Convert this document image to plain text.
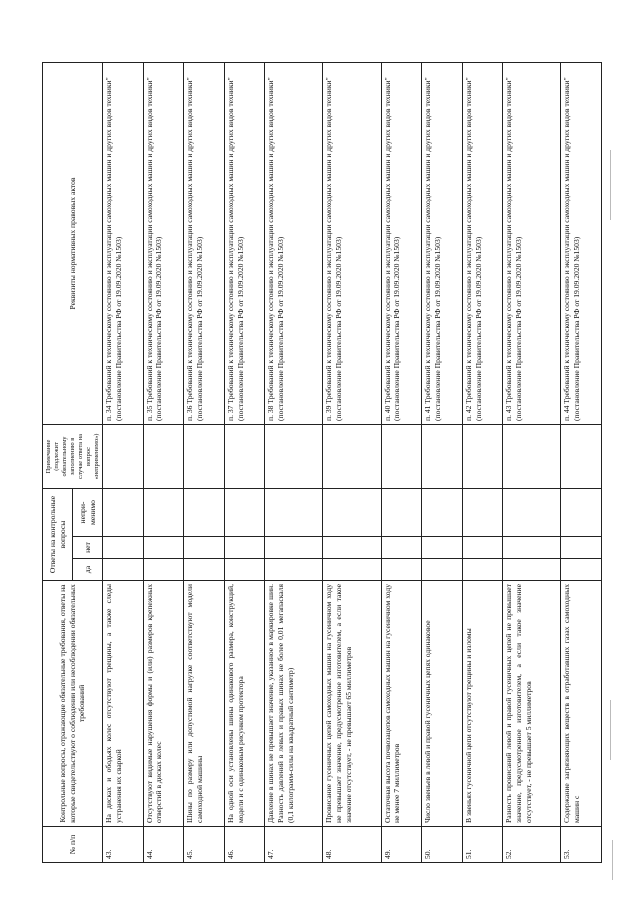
№ п/п	Контрольные вопросы, отражающие обязательные требования, ответы на которые свидетельствуют о соблюдении или несоблюдении обязательных требований	Ответы на контрольные вопросы			Примечание (подлежит обязательному заполнению в случае ответа на вопрос «неприменимо»)	Реквизиты нормативных правовых актов
		да	нет	непри-менимо		
43.	На дисках и ободьях колес отсутствуют трещины, а также следы устранения их сваркой					п. 34 Требований к техническому состоянию и эксплуатации самоходных машин и других видов техники" (постановление Правительства РФ от 19.09.2020 №1503)
44.	Отсутствуют видимые нарушения формы и (или) размеров крепежных отверстий в дисках колес					п. 35 Требований к техническому состоянию и эксплуатации самоходных машин и других видов техники" (постановление Правительства РФ от 19.09.2020 №1503)
45.	Шины по размеру или допустимой нагрузке соответствуют модели самоходной машины					п. 36 Требований к техническому состоянию и эксплуатации самоходных машин и других видов техники" (постановление Правительства РФ от 19.09.2020 №1503)
46.	На одной оси установлены шины одинакового размера, конструкций, модели и с одинаковым рисунком протектора					п. 37 Требований к техническому состоянию и эксплуатации самоходных машин и других видов техники" (постановление Правительства РФ от 19.09.2020 №1503)
47.	Давление в шинах не превышает значение, указанное в маркировке шин. Разность давлений в левых и правых шинах не более 0,01 мегапаскаля (0,1 килограмм-силы на квадратный сантиметр)					п. 38 Требований к техническому состоянию и эксплуатации самоходных машин и других видов техники" (постановление Правительства РФ от 19.09.2020 №1503)
48.	Провисание гусеничных цепей самоходных машин на гусеничном ходу не превышает значение, предусмотренное изготовителем, а если такое значение отсутствует, - не превышает 65 миллиметров					п. 39 Требований к техническому состоянию и эксплуатации самоходных машин и других видов техники" (постановление Правительства РФ от 19.09.2020 №1503)
49.	Остаточная высота почвозацепов самоходных машин на гусеничном ходу не менее 7 миллиметров					п. 40 Требований к техническому состоянию и эксплуатации самоходных машин и других видов техники" (постановление Правительства РФ от 19.09.2020 №1503)
50.	Число звеньев в левой и правой гусеничных цепях одинаковое					п. 41 Требований к техническому состоянию и эксплуатации самоходных машин и других видов техники" (постановление Правительства РФ от 19.09.2020 №1503)
51.	В звеньях гусеничной цепи отсутствуют трещины и изломы					п. 42 Требований к техническому состоянию и эксплуатации самоходных машин и других видов техники" (постановление Правительства РФ от 19.09.2020 №1503)
52.	Разность провисаний левой и правой гусеничных цепей не превышает значение, предусмотренное изготовителем, а если такое значение отсутствует, - не превышает 5 миллиметров					п. 43 Требований к техническому состоянию и эксплуатации самоходных машин и других видов техники" (постановление Правительства РФ от 19.09.2020 №1503)
53.	Содержание загрязняющих веществ в отработавших газах самоходных машин с					п. 44 Требований к техническому состоянию и эксплуатации самоходных машин и других видов техники" (постановление Правительства РФ от 19.09.2020 №1503)
